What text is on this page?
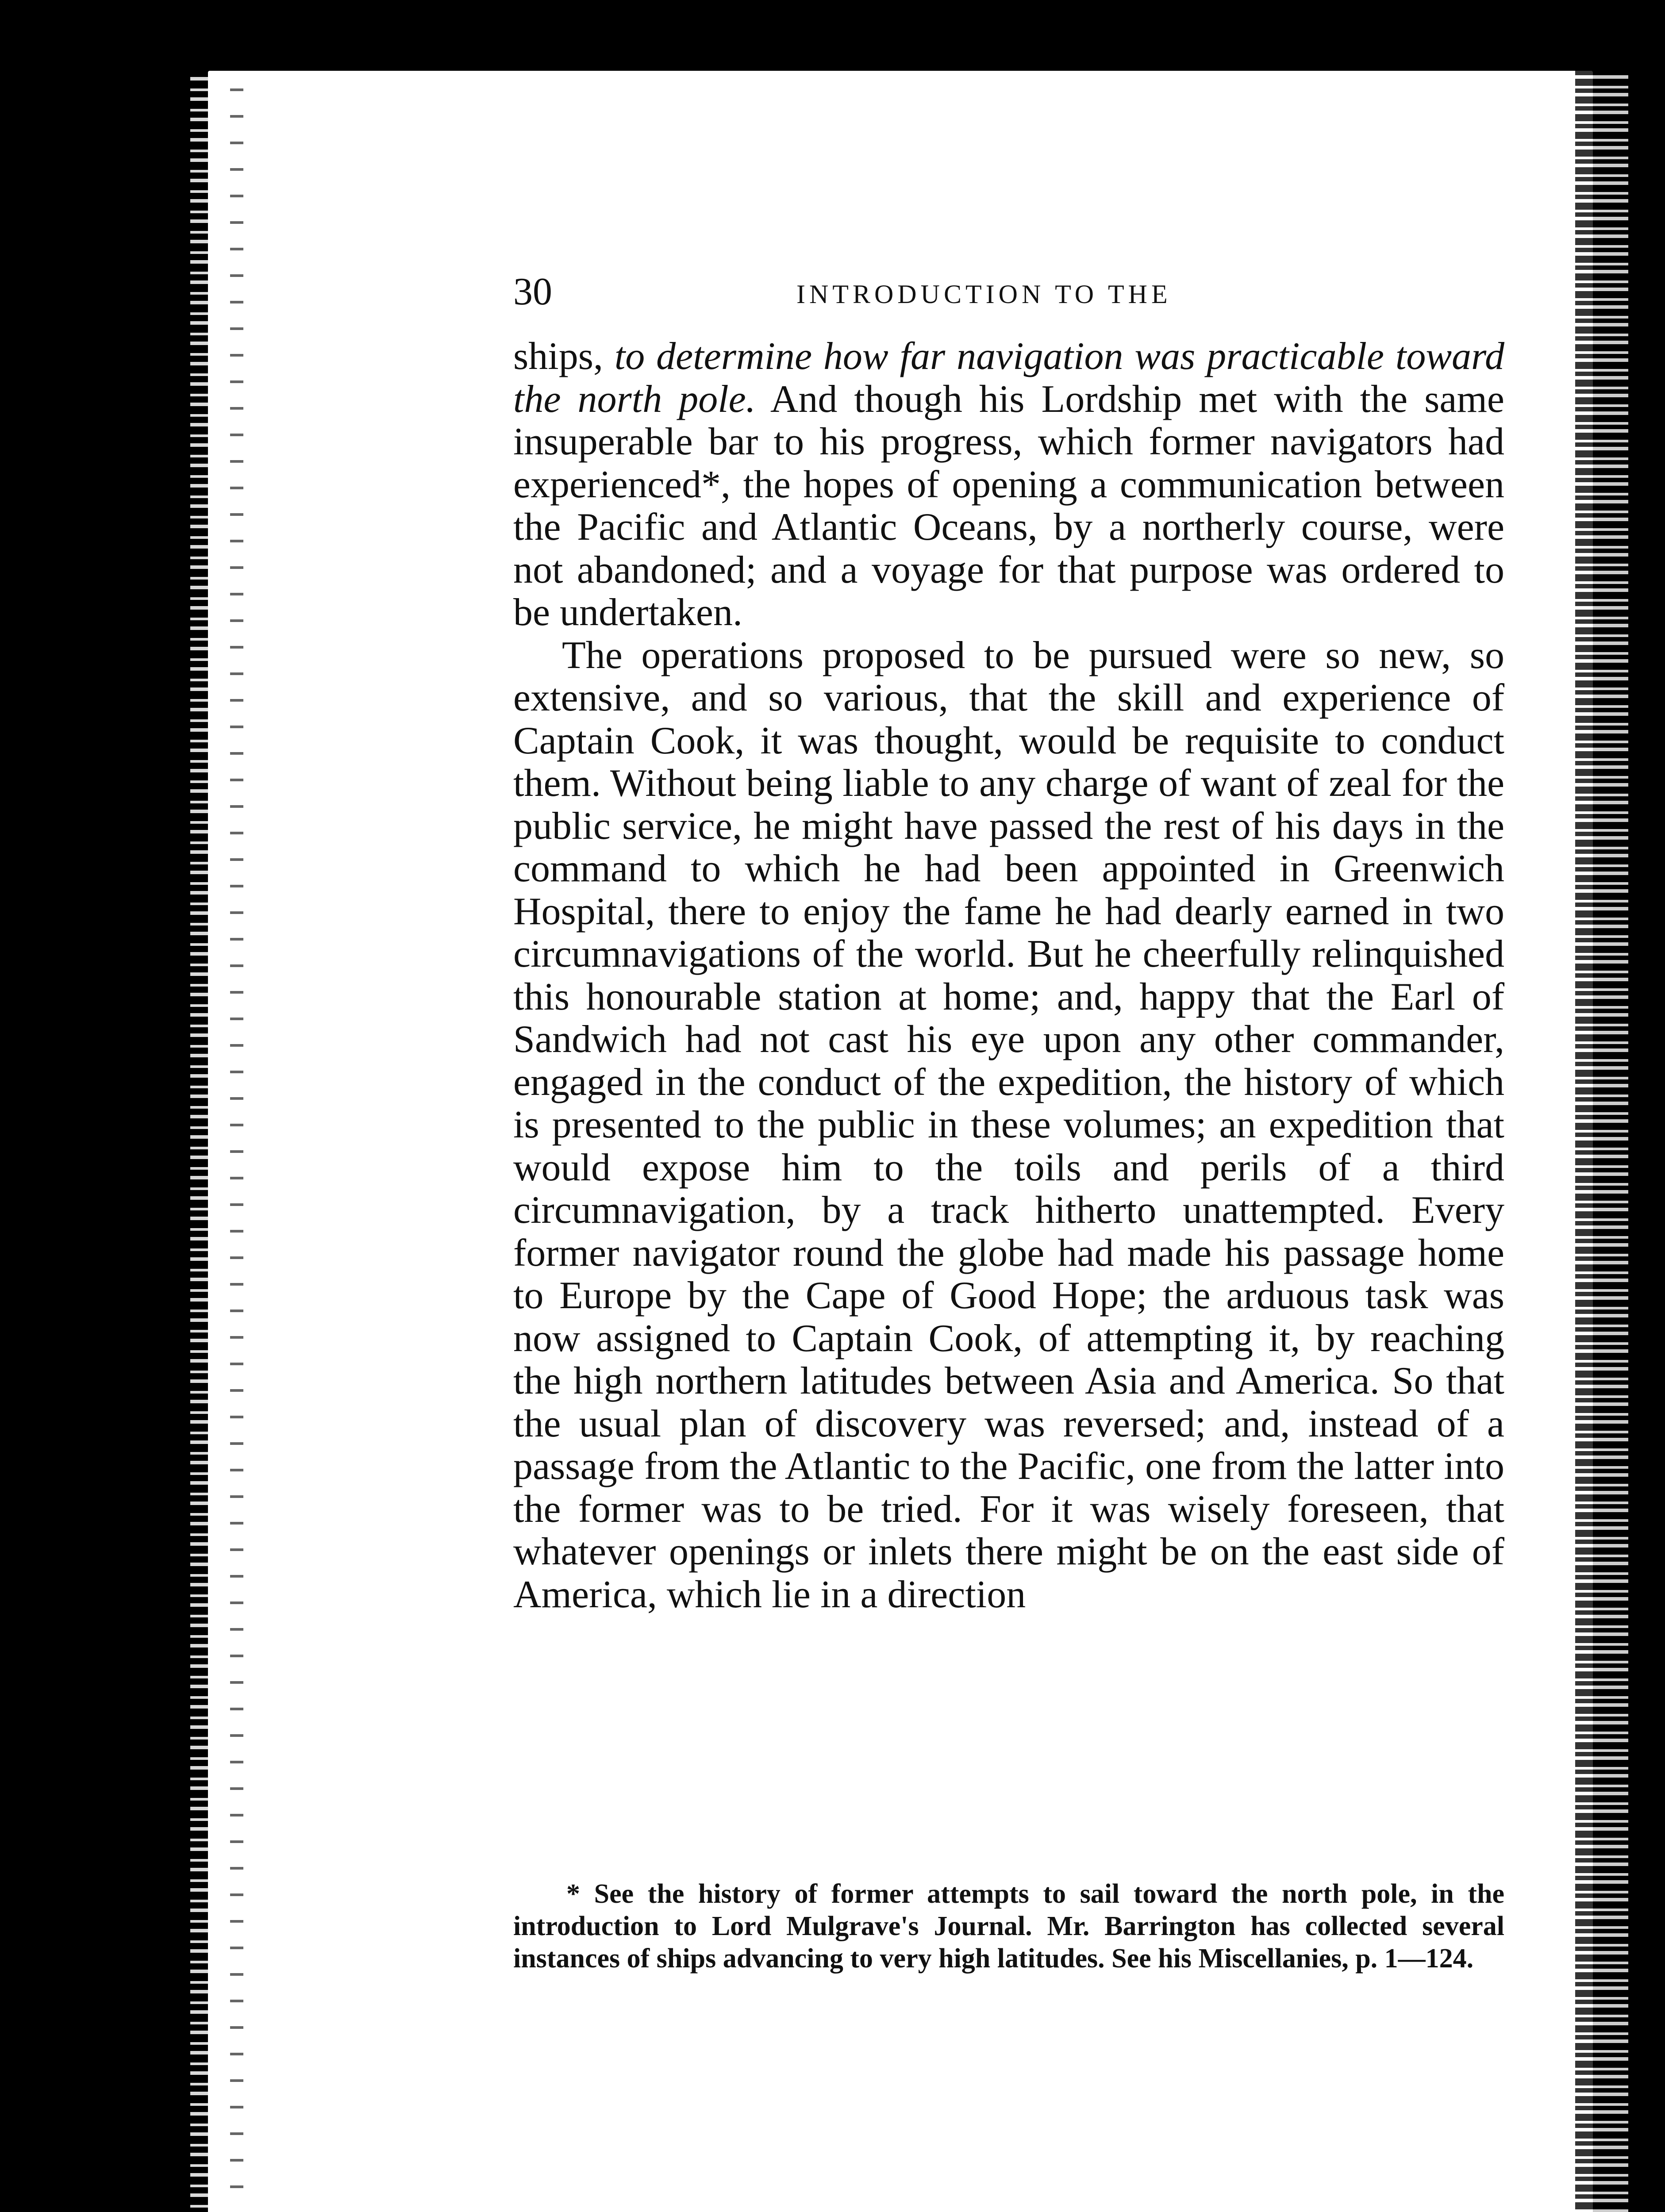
30	INTRODUCTION TO THE

ships, to determine how far navigation was practicable toward the north pole. And though his Lordship met with the same insuperable bar to his progress, which former navigators had experienced*, the hopes of opening a communication between the Pacific and Atlantic Oceans, by a northerly course, were not abandoned; and a voyage for that purpose was ordered to be undertaken.

The operations proposed to be pursued were so new, so extensive, and so various, that the skill and experience of Captain Cook, it was thought, would be requisite to conduct them. Without being liable to any charge of want of zeal for the public service, he might have passed the rest of his days in the command to which he had been appointed in Greenwich Hospital, there to enjoy the fame he had dearly earned in two circumnavigations of the world. But he cheerfully relinquished this honourable station at home; and, happy that the Earl of Sandwich had not cast his eye upon any other commander, engaged in the conduct of the expedition, the history of which is presented to the public in these volumes; an expedition that would expose him to the toils and perils of a third circumnavigation, by a track hitherto unattempted. Every former navigator round the globe had made his passage home to Europe by the Cape of Good Hope; the arduous task was now assigned to Captain Cook, of attempting it, by reaching the high northern latitudes between Asia and America. So that the usual plan of discovery was reversed; and, instead of a passage from the Atlantic to the Pacific, one from the latter into the former was to be tried. For it was wisely foreseen, that whatever openings or inlets there might be on the east side of America, which lie in a direction

* See the history of former attempts to sail toward the north pole, in the introduction to Lord Mulgrave's Journal. Mr. Barrington has collected several instances of ships advancing to very high latitudes. See his Miscellanies, p. 1—124.
